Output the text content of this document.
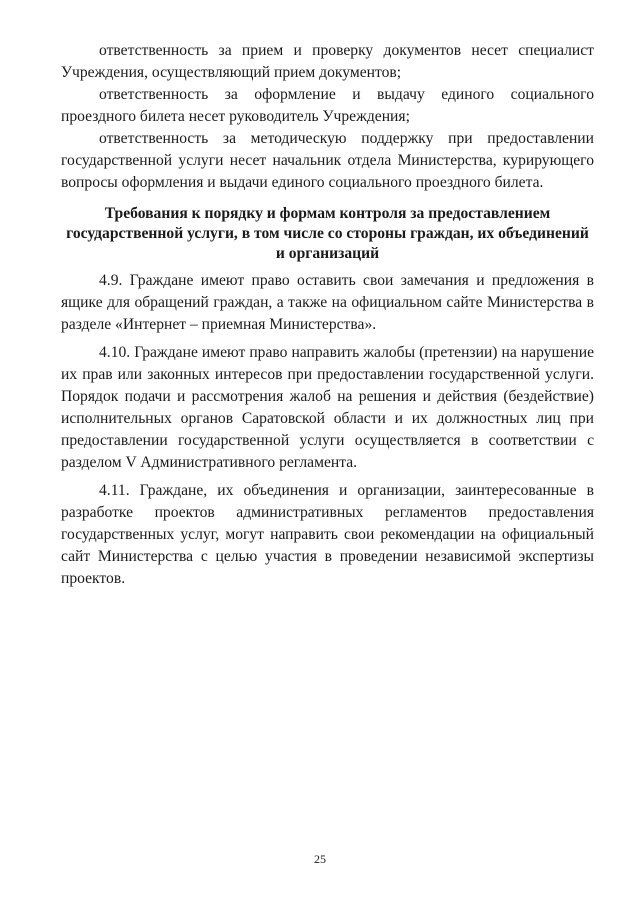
ответственность за прием и проверку документов несет специалист Учреждения, осуществляющий прием документов;

ответственность за оформление и выдачу единого социального проездного билета несет руководитель Учреждения;

ответственность за методическую поддержку при предоставлении государственной услуги несет начальник отдела Министерства, курирующего вопросы оформления и выдачи единого социального проездного билета.

Требования к порядку и формам контроля за предоставлением государственной услуги, в том числе со стороны граждан, их объединений и организаций

4.9. Граждане имеют право оставить свои замечания и предложения в ящике для обращений граждан, а также на официальном сайте Министерства в разделе «Интернет – приемная Министерства».

4.10. Граждане имеют право направить жалобы (претензии) на нарушение их прав или законных интересов при предоставлении государственной услуги. Порядок подачи и рассмотрения жалоб на решения и действия (бездействие) исполнительных органов Саратовской области и их должностных лиц при предоставлении государственной услуги осуществляется в соответствии с разделом V Административного регламента.

4.11. Граждане, их объединения и организации, заинтересованные в разработке проектов административных регламентов предоставления государственных услуг, могут направить свои рекомендации на официальный сайт Министерства с целью участия в проведении независимой экспертизы проектов.

25
